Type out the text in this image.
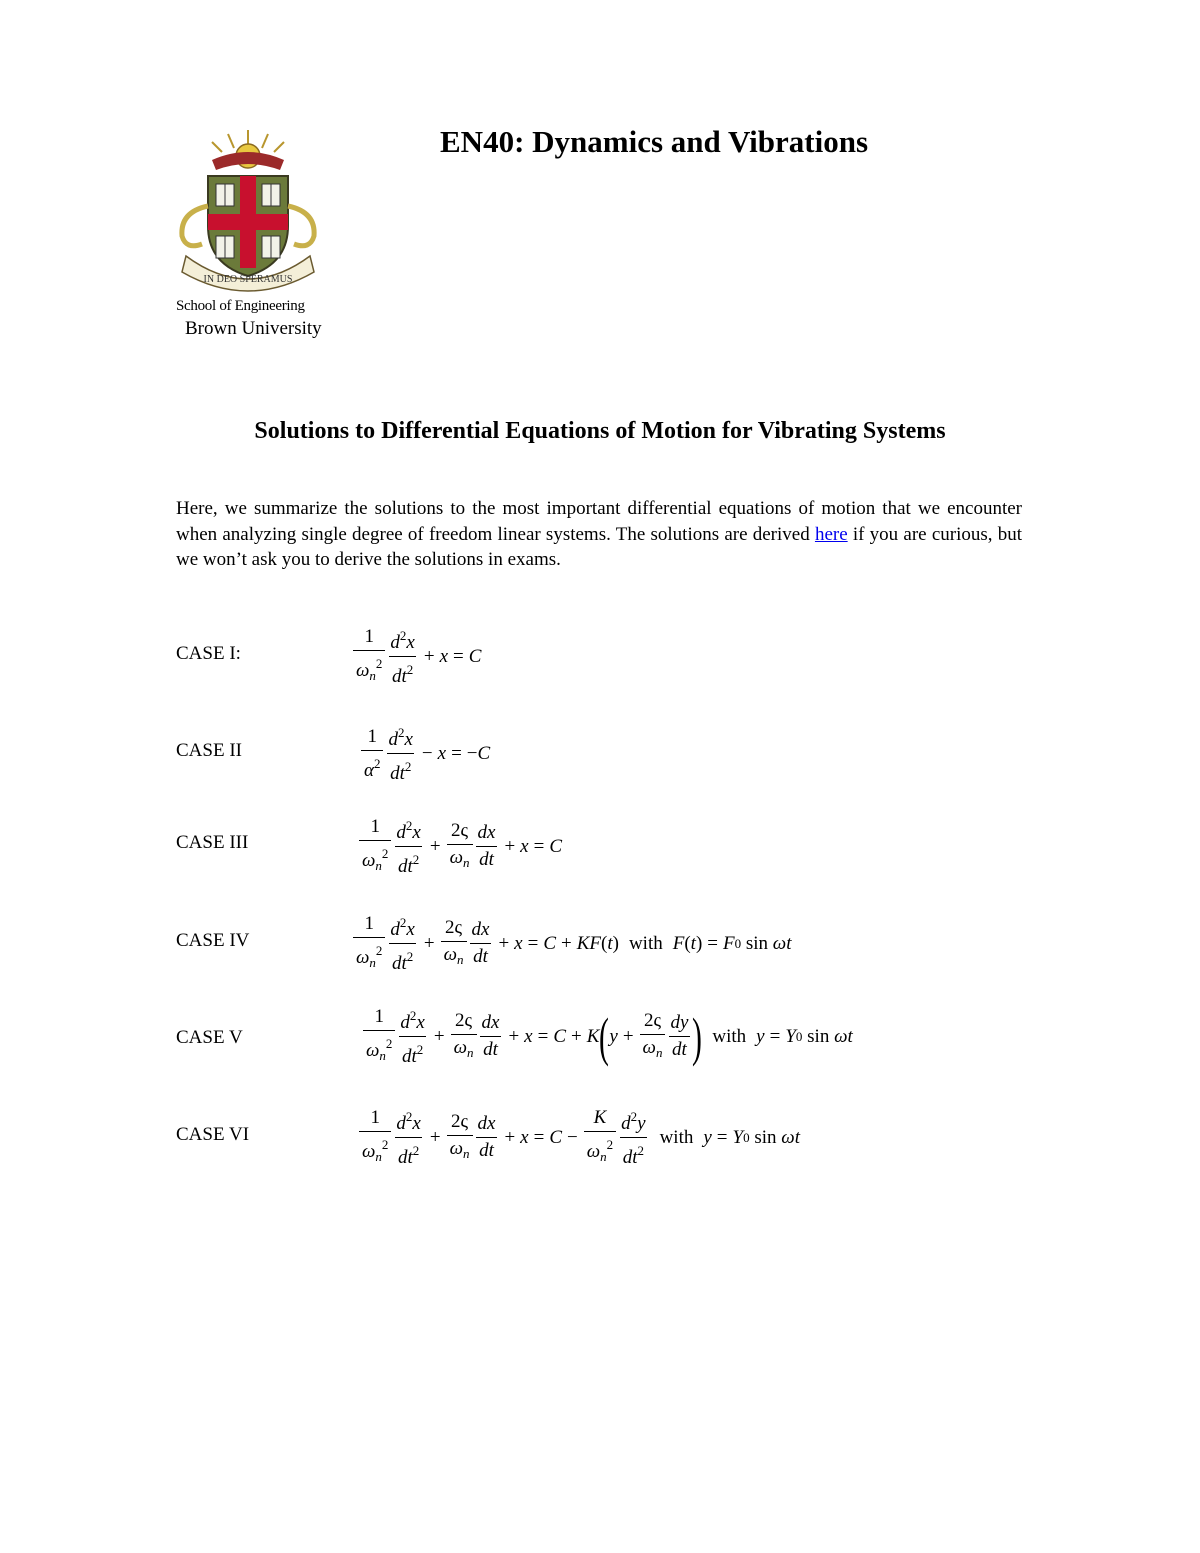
IN DEO SPERAMUS
School of Engineering
Brown University
EN40: Dynamics and Vibrations
Solutions to Differential Equations of Motion for Vibrating Systems

Here, we summarize the solutions to the most important differential equations of motion that we encounter when analyzing single degree of freedom linear systems. The solutions are derived here if you are curious, but we won’t ask you to derive the solutions in exams.

CASE I:	$\frac{1}{\omega_n^2} \frac{d^2x}{dt^2} + x = C$
CASE II	$\frac{1}{\alpha^2} \frac{d^2x}{dt^2} - x$ = − C
CASE III	$\frac{1}{\omega_n^2} \frac{d^2x}{dt^2} + \frac{2\varsigma}{\omega_n} \frac{dx}{dt} + x = C$
CASE IV	$\frac{1}{\omega_n^2} \frac{d^2x}{dt^2} + \frac{2\varsigma}{\omega_n} \frac{dx}{dt} + x = C + K$ F ( t ) with F ( t ) = F 0
sin
ωt
CASE V	$\frac{1}{\omega_n^2} \frac{d^2x}{dt^2} + \frac{2\varsigma}{\omega_n} \frac{dx}{dt} + x = C + K$ ( $y + \frac{2\varsigma}{\omega_n} \frac{dy}{dt}$ ) with y = Y 0
sin
ωt
CASE VI	$\frac{1}{\omega_n^2} \frac{d^2x}{dt^2} + \frac{2\varsigma}{\omega_n} \frac{dx}{dt} + x = C - \frac{K}{\omega_n^2} \frac{d^2y}{dt^2}$ with y = Y 0
sin
ωt
